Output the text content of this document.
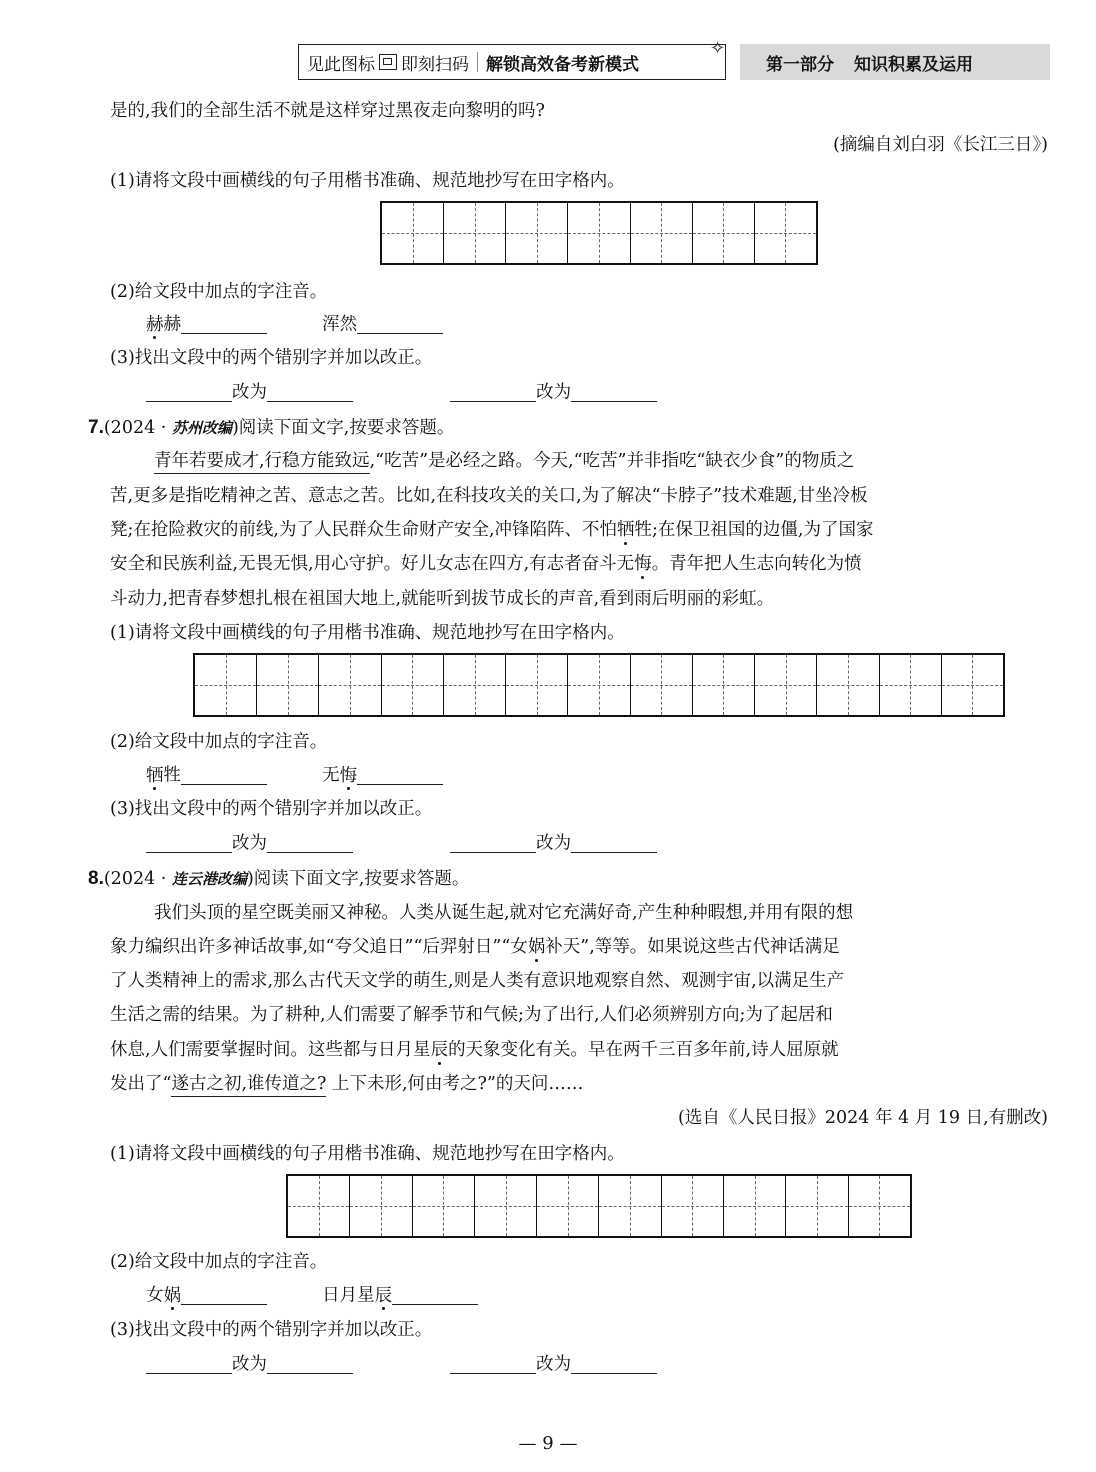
见此图标 即刻扫码 解锁高效备考新模式
✧
第一部分 知识积累及运用
是的,我们的全部生活不就是这样穿过黑夜走向黎明的吗?
(摘编自刘白羽《长江三日》)
(1)请将文段中画横线的句子用楷书准确、规范地抄写在田字格内。
(2)给文段中加点的字注音。
赫赫	浑然
(3)找出文段中的两个错别字并加以改正。
改为	改为
7.(2024 · 苏州改编)阅读下面文字,按要求答题。
青年若要成才,行稳方能致远,“吃苦”是必经之路。今天,“吃苦”并非指吃“缺衣少食”的物质之
苦,更多是指吃精神之苦、意志之苦。比如,在科技攻关的关口,为了解决“卡脖子”技术难题,甘坐冷板
凳;在抢险救灾的前线,为了人民群众生命财产安全,冲锋陷阵、不怕牺牲;在保卫祖国的边僵,为了国家
安全和民族利益,无畏无惧,用心守护。好儿女志在四方,有志者奋斗无悔。青年把人生志向转化为愤
斗动力,把青春梦想扎根在祖国大地上,就能听到拔节成长的声音,看到雨后明丽的彩虹。
(1)请将文段中画横线的句子用楷书准确、规范地抄写在田字格内。
(2)给文段中加点的字注音。
牺牲	无悔
(3)找出文段中的两个错别字并加以改正。
改为	改为
8.(2024 · 连云港改编)阅读下面文字,按要求答题。
我们头顶的星空既美丽又神秘。人类从诞生起,就对它充满好奇,产生种种暇想,并用有限的想
象力编织出许多神话故事,如“夸父追日”“后羿射日”“女娲补天”,等等。如果说这些古代神话满足
了人类精神上的需求,那么古代天文学的萌生,则是人类有意识地观察自然、观测宇宙,以满足生产
生活之需的结果。为了耕种,人们需要了解季节和气候;为了出行,人们必须辨别方向;为了起居和
休息,人们需要掌握时间。这些都与日月星辰的天象变化有关。早在两千三百多年前,诗人屈原就
发出了“遂古之初,谁传道之? 上下未形,何由考之?”的天问……
(选自《人民日报》2024 年 4 月 19 日,有删改)
(1)请将文段中画横线的句子用楷书准确、规范地抄写在田字格内。
(2)给文段中加点的字注音。
女娲	日月星辰
(3)找出文段中的两个错别字并加以改正。
改为	改为
— 9 —
